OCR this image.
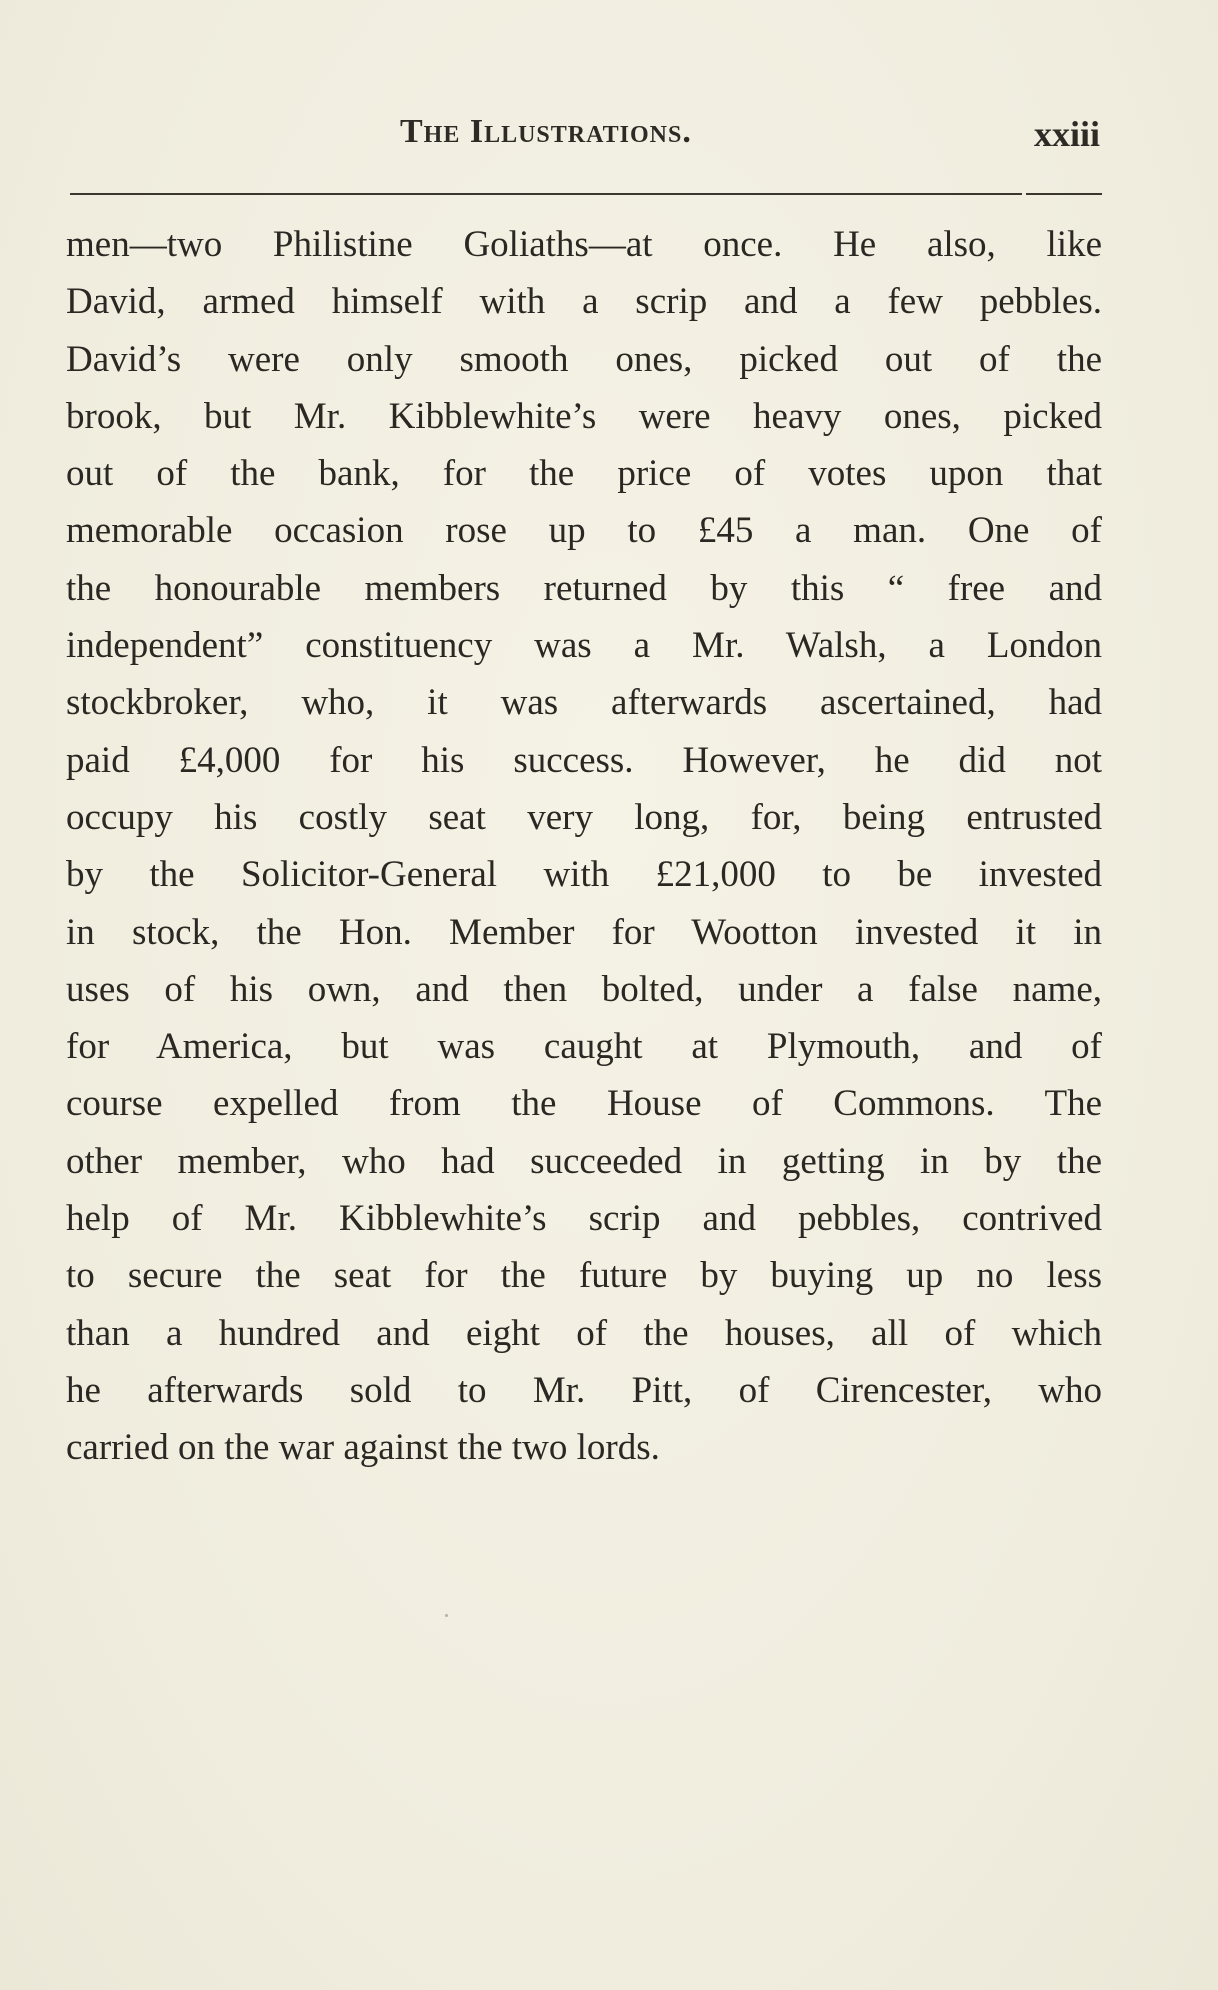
The Illustrations.	xxiii
men—two Philistine Goliaths—at once. He also, like
David, armed himself with a scrip and a few pebbles.
David’s were only smooth ones, picked out of the
brook, but Mr. Kibblewhite’s were heavy ones, picked
out of the bank, for the price of votes upon that
memorable occasion rose up to £45 a man. One of
the honourable members returned by this “ free and
independent” constituency was a Mr. Walsh, a London
stockbroker, who, it was afterwards ascertained, had
paid £4,000 for his success. However, he did not
occupy his costly seat very long, for, being entrusted
by the Solicitor-General with £21,000 to be invested
in stock, the Hon. Member for Wootton invested it in
uses of his own, and then bolted, under a false name,
for America, but was caught at Plymouth, and of
course expelled from the House of Commons. The
other member, who had succeeded in getting in by the
help of Mr. Kibblewhite’s scrip and pebbles, contrived
to secure the seat for the future by buying up no less
than a hundred and eight of the houses, all of which
he afterwards sold to Mr. Pitt, of Cirencester, who
carried on the war against the two lords.
